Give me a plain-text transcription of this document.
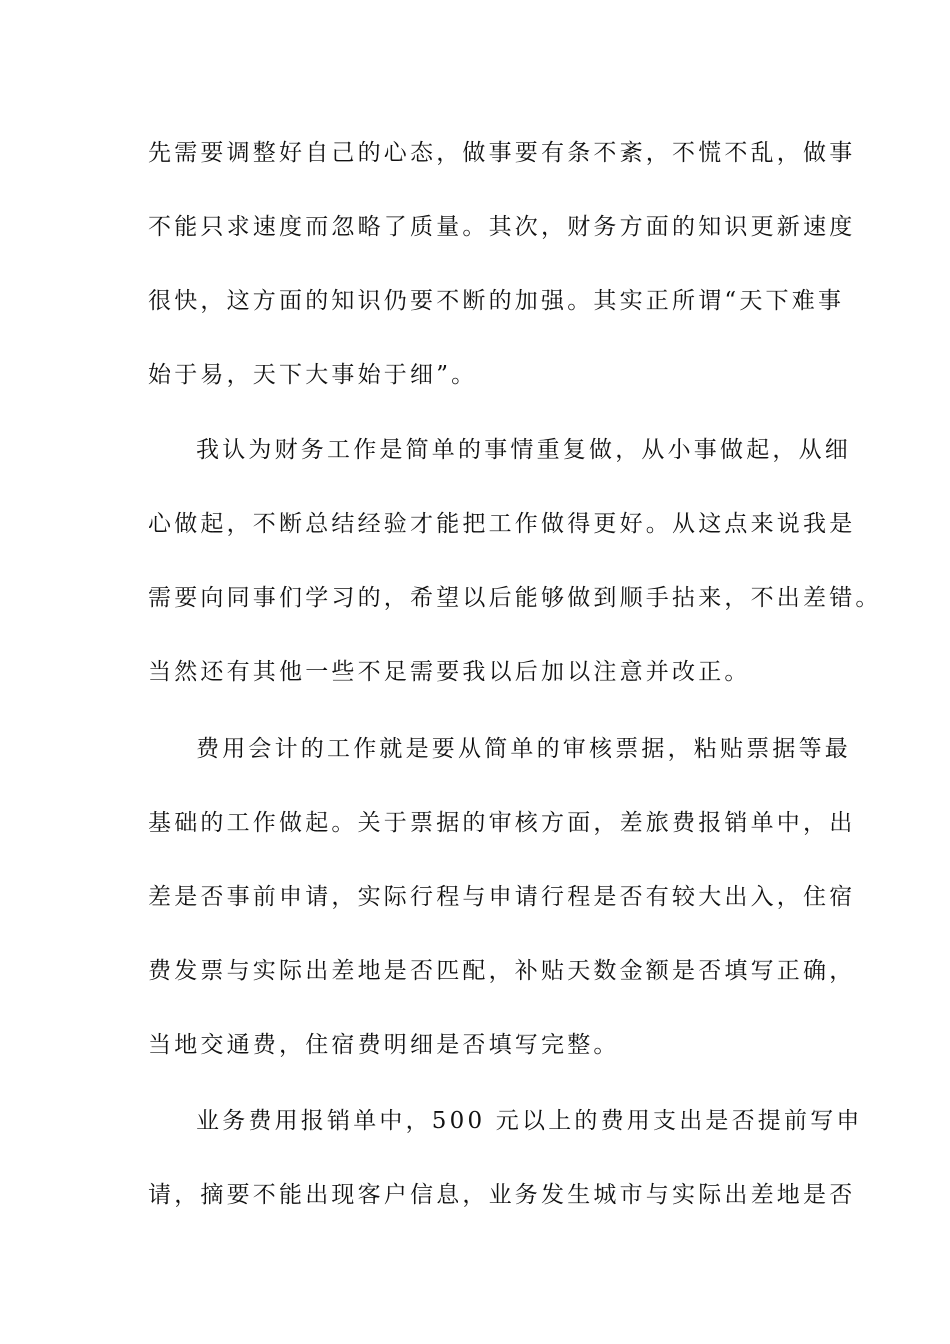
先需要调整好自己的心态，做事要有条不紊，不慌不乱，做事
不能只求速度而忽略了质量。其次，财务方面的知识更新速度
很快，这方面的知识仍要不断的加强。其实正所谓“天下难事
始于易，天下大事始于细”。
我认为财务工作是简单的事情重复做，从小事做起，从细
心做起，不断总结经验才能把工作做得更好。从这点来说我是
需要向同事们学习的，希望以后能够做到顺手拈来，不出差错。
当然还有其他一些不足需要我以后加以注意并改正。
费用会计的工作就是要从简单的审核票据，粘贴票据等最
基础的工作做起。关于票据的审核方面，差旅费报销单中，出
差是否事前申请，实际行程与申请行程是否有较大出入，住宿
费发票与实际出差地是否匹配，补贴天数金额是否填写正确，
当地交通费，住宿费明细是否填写完整。
业务费用报销单中，500 元以上的费用支出是否提前写申
请，摘要不能出现客户信息，业务发生城市与实际出差地是否
